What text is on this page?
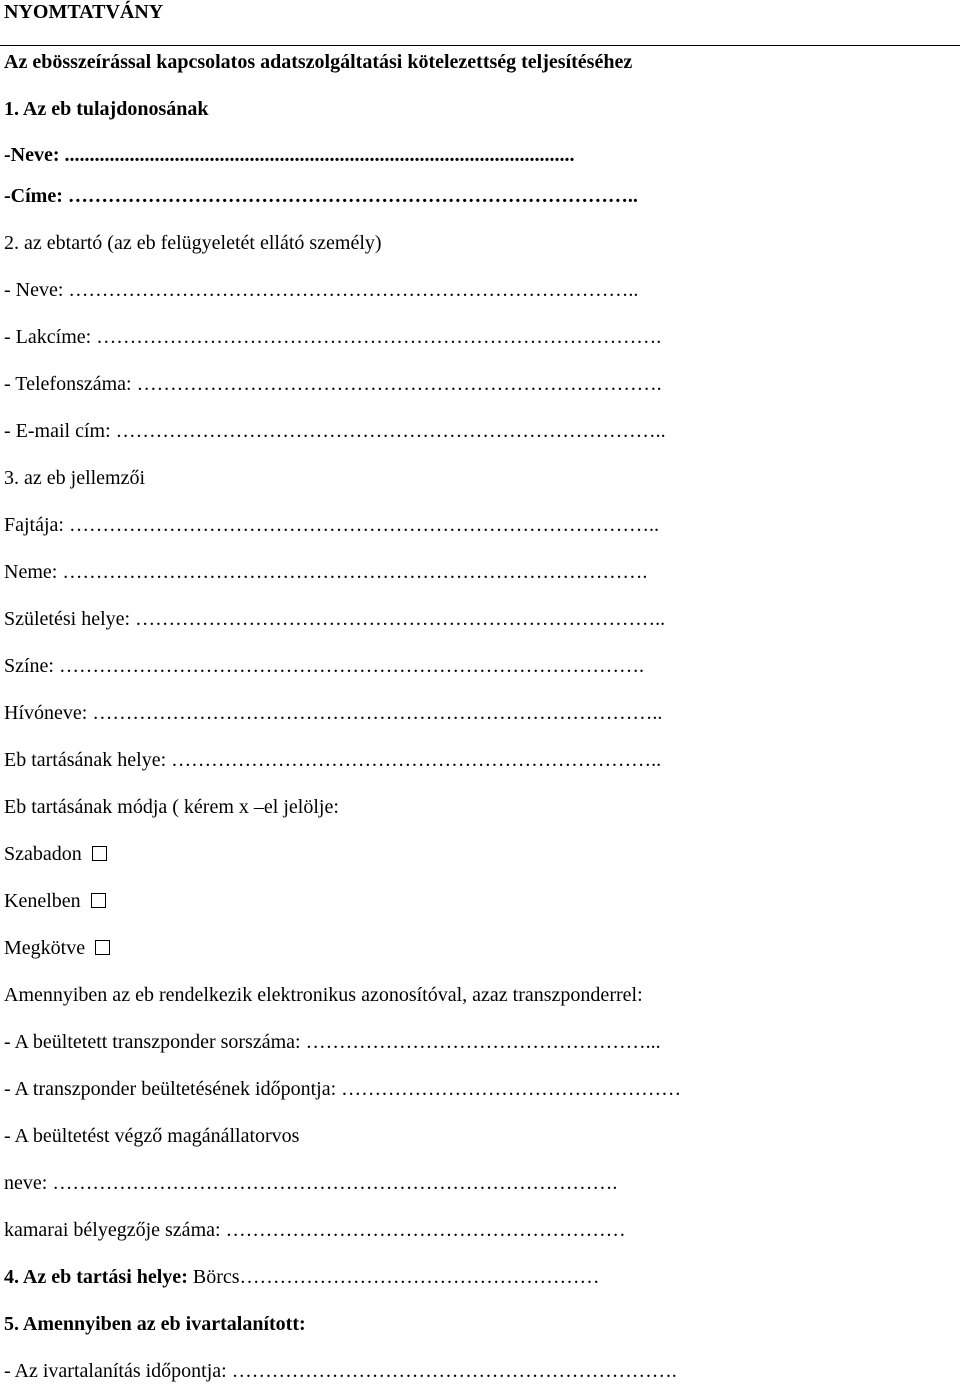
NYOMTATVÁNY
Az ebösszeírással kapcsolatos adatszolgáltatási kötelezettség teljesítéséhez
1. Az eb tulajdonosának
-Neve: ......................................................................................................
-Címe: …………………………………………………………………………..
2. az ebtartó (az eb felügyeletét ellátó személy)
- Neve: …………………………………………………………………………..
- Lakcíme: ………………………………………………………………………….
- Telefonszáma: …………………………………………………………………….
- E-mail cím: ………………………………………………………………………..
3. az eb jellemzői
Fajtája: ……………………………………………………………………………..
Neme: …………………………………………………………………………….
Születési helye: ……………………………………………………………………..
Színe: …………………………………………………………………………….
Hívóneve: …………………………………………………………………………..
Eb tartásának helye: ………………………………………………………………..
Eb tartásának módja ( kérem x –el jelölje:
Szabadon
Kenelben
Megkötve
Amennyiben az eb rendelkezik elektronikus azonosítóval, azaz transzponderrel:
- A beültetett transzponder sorszáma: ……………………………………………...
- A transzponder beültetésének időpontja: ……………………………………………
- A beültetést végző magánállatorvos
neve: ………………………………………………………………………….
kamarai bélyegzője száma: ……………………………………………………
4. Az eb tartási helye: Börcs………………………………………………
5. Amennyiben az eb ivartalanított:
- Az ivartalanítás időpontja: ………………………………………………………….
